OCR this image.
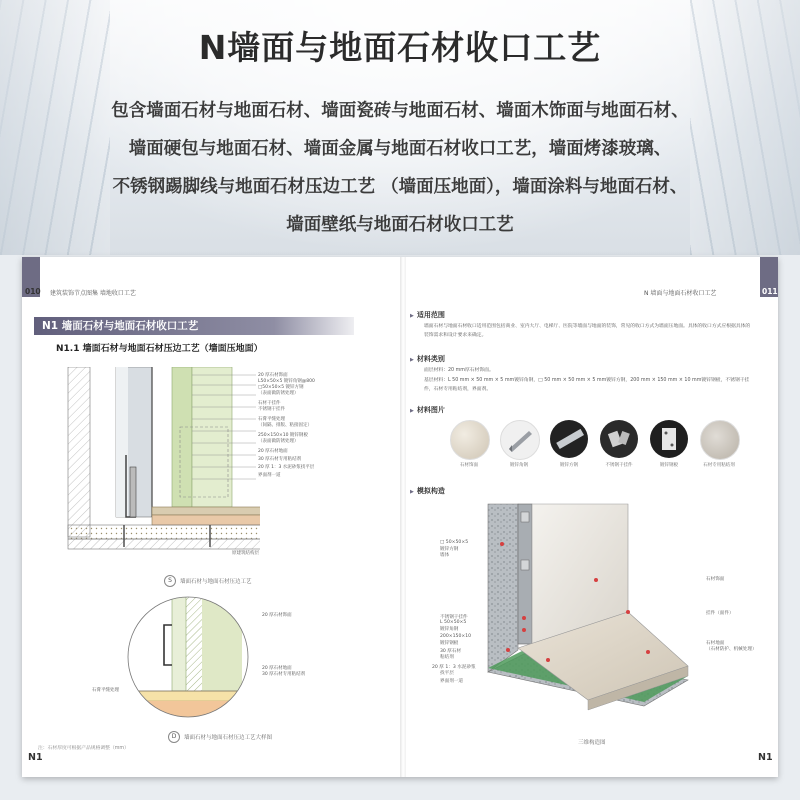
N墙面与地面石材收口工艺
包含墙面石材与地面石材、墙面瓷砖与地面石材、墙面木饰面与地面石材、
墙面硬包与地面石材、墙面金属与地面石材收口工艺，墙面烤漆玻璃、
不锈钢踢脚线与地面石材压边工艺 （墙面压地面），墙面涂料与地面石材、
墙面壁纸与地面石材收口工艺
010 建筑装饰节点图集 墙地收口工艺
N1 墙面石材与地面石材收口工艺
N1.1 墙面石材与地面石材压边工艺（墙面压地面）
20 厚石材饰面
L50×50×5 镀锌角钢@800
□50×50×5 镀锌方钢
（表面做防锈处理）
石材干挂件
不锈钢干挂件
石膏平缝处理
（间隔、排版、粘接固定）
250×150×10 镀锌钢板
（表面做防锈处理）
20 厚石材地面
30 厚石材专用粘结剂
20 厚 1：3 水泥砂浆找平层
界面剂一道
原建筑结构层
S	墙面石材与地面石材压边工艺
20 厚石材饰面
20 厚石材地面
30 厚石材专用粘结剂
石膏平缝处理
D	墙面石材与地面石材压边工艺大样图
注：石材厚度可根据产品规格调整（mm）
N1
011
N 墙面与地面石材收口工艺
N1
▶ 适用范围
墙面石材与地面石材收口适用范围包括商业、室内大厅、电梯厅、医院等墙面与地面的装饰，常见的收口方式为墙面压地面。具体的收口方式应根据具体的装饰需求和设计要求来确定。
▶ 材料类别
面层材料：20 mm厚石材饰面。
基层材料：L 50 mm × 50 mm × 5 mm镀锌角钢，□ 50 mm × 50 mm × 5 mm镀锌方钢，200 mm × 150 mm × 10 mm镀锌钢板，不锈钢干挂件，石材专用粘结剂，界面剂。
▶ 材料图片
石材饰面	镀锌角钢	镀锌方钢	不锈钢干挂件	镀锌钢板	石材专用粘结剂
▶ 模拟构造
□ 50×50×5
镀锌方钢
墙体
不锈钢干挂件
L 50×50×5
镀锌角钢
200×150×10
镀锌钢板
30 厚石材
粘结剂
20 厚 1：3 水泥砂浆
找平层
界面剂一道
石材饰面
挂件（面件）
石材地面
（石材防护、机械处理）
三维构造图
